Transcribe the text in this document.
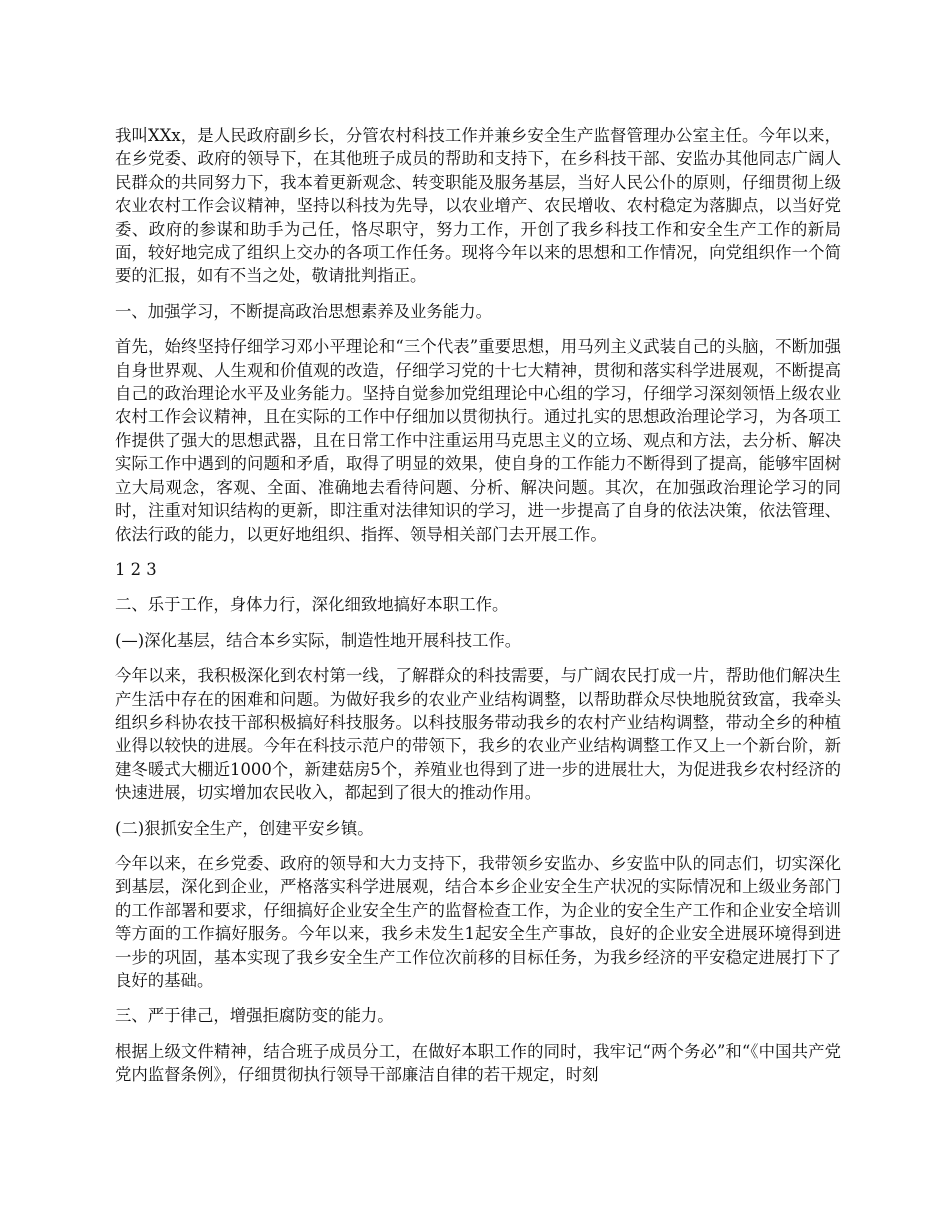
我叫XXx，是人民政府副乡长，分管农村科技工作并兼乡安全生产监督管理办公室主任。今年以来，在乡党委、政府的领导下，在其他班子成员的帮助和支持下，在乡科技干部、安监办其他同志广阔人民群众的共同努力下，我本着更新观念、转变职能及服务基层，当好人民公仆的原则，仔细贯彻上级农业农村工作会议精神，坚持以科技为先导，以农业增产、农民增收、农村稳定为落脚点，以当好党委、政府的参谋和助手为己任，恪尽职守，努力工作，开创了我乡科技工作和安全生产工作的新局面，较好地完成了组织上交办的各项工作任务。现将今年以来的思想和工作情况，向党组织作一个简要的汇报，如有不当之处，敬请批判指正。

一、加强学习，不断提高政治思想素养及业务能力。

首先，始终坚持仔细学习邓小平理论和“三个代表”重要思想，用马列主义武装自己的头脑，不断加强自身世界观、人生观和价值观的改造，仔细学习党的十七大精神，贯彻和落实科学进展观，不断提高自己的政治理论水平及业务能力。坚持自觉参加党组理论中心组的学习，仔细学习深刻领悟上级农业农村工作会议精神，且在实际的工作中仔细加以贯彻执行。通过扎实的思想政治理论学习，为各项工作提供了强大的思想武器，且在日常工作中注重运用马克思主义的立场、观点和方法，去分析、解决实际工作中遇到的问题和矛盾，取得了明显的效果，使自身的工作能力不断得到了提高，能够牢固树立大局观念，客观、全面、准确地去看待问题、分析、解决问题。其次，在加强政治理论学习的同时，注重对知识结构的更新，即注重对法律知识的学习，进一步提高了自身的依法决策，依法管理、依法行政的能力，以更好地组织、指挥、领导相关部门去开展工作。

1 2 3

二、乐于工作，身体力行，深化细致地搞好本职工作。

(—)深化基层，结合本乡实际，制造性地开展科技工作。

今年以来，我积极深化到农村第一线，了解群众的科技需要，与广阔农民打成一片，帮助他们解决生产生活中存在的困难和问题。为做好我乡的农业产业结构调整，以帮助群众尽快地脱贫致富，我牵头组织乡科协农技干部积极搞好科技服务。以科技服务带动我乡的农村产业结构调整，带动全乡的种植业得以较快的进展。今年在科技示范户的带领下，我乡的农业产业结构调整工作又上一个新台阶，新建冬暖式大棚近1000个，新建菇房5个，养殖业也得到了进一步的进展壮大，为促进我乡农村经济的快速进展，切实增加农民收入，都起到了很大的推动作用。

(二)狠抓安全生产，创建平安乡镇。

今年以来，在乡党委、政府的领导和大力支持下，我带领乡安监办、乡安监中队的同志们，切实深化到基层，深化到企业，严格落实科学进展观，结合本乡企业安全生产状况的实际情况和上级业务部门的工作部署和要求，仔细搞好企业安全生产的监督检查工作，为企业的安全生产工作和企业安全培训等方面的工作搞好服务。今年以来，我乡未发生1起安全生产事故，良好的企业安全进展环境得到进一步的巩固，基本实现了我乡安全生产工作位次前移的目标任务，为我乡经济的平安稳定进展打下了良好的基础。

三、严于律己，增强拒腐防变的能力。

根据上级文件精神，结合班子成员分工，在做好本职工作的同时，我牢记“两个务必”和“《中国共产党党内监督条例》，仔细贯彻执行领导干部廉洁自律的若干规定，时刻
